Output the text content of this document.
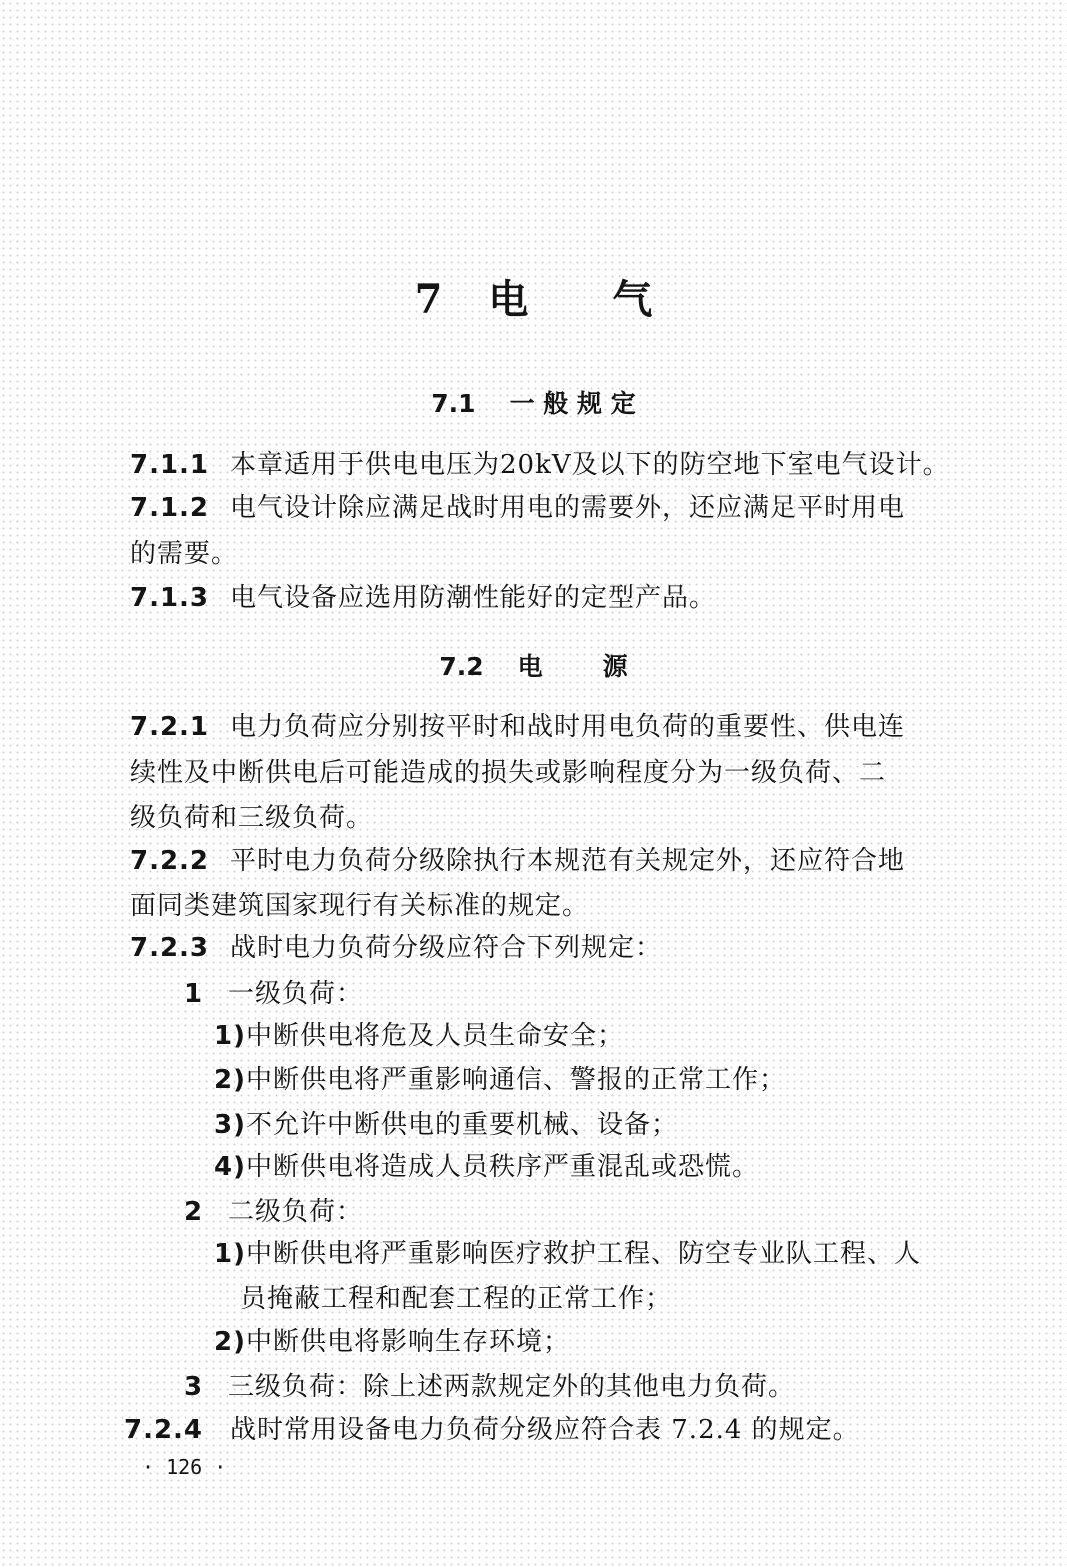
7 电 气
7.1 一 般 规 定
7.1.1 本章适用于供电电压为20kV及以下的防空地下室电气设计。
7.1.2 电气设计除应满足战时用电的需要外，还应满足平时用电
的需要。
7.1.3 电气设备应选用防潮性能好的定型产品。
7.2 电 源
7.2.1 电力负荷应分别按平时和战时用电负荷的重要性、供电连
续性及中断供电后可能造成的损失或影响程度分为一级负荷、二
级负荷和三级负荷。
7.2.2 平时电力负荷分级除执行本规范有关规定外，还应符合地
面同类建筑国家现行有关标准的规定。
7.2.3 战时电力负荷分级应符合下列规定：
1 一级负荷：
1)中断供电将危及人员生命安全；
2)中断供电将严重影响通信、警报的正常工作；
3)不允许中断供电的重要机械、设备；
4)中断供电将造成人员秩序严重混乱或恐慌。
2 二级负荷：
1)中断供电将严重影响医疗救护工程、防空专业队工程、人
员掩蔽工程和配套工程的正常工作；
2)中断供电将影响生存环境；
3 三级负荷：除上述两款规定外的其他电力负荷。
7.2.4 战时常用设备电力负荷分级应符合表 7.2.4 的规定。
· 126 ·
